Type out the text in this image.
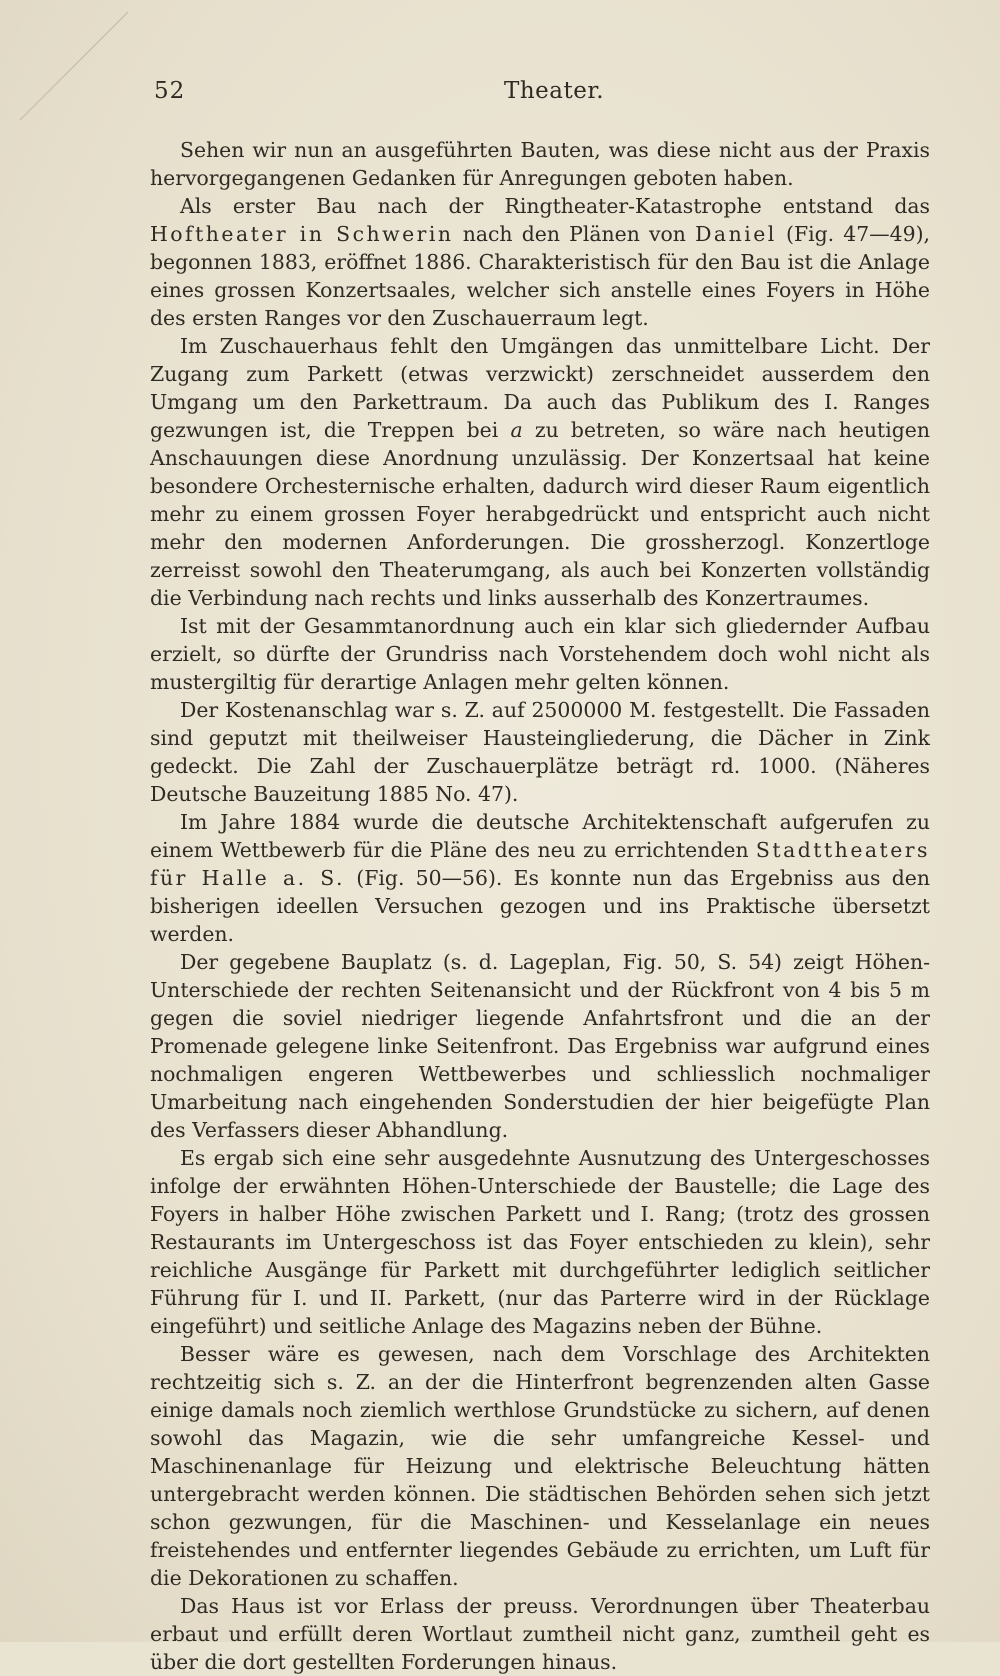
52	Theater.

Sehen wir nun an ausgeführten Bauten, was diese nicht aus der Praxis hervorgegangenen Gedanken für Anregungen geboten haben.

Als erster Bau nach der Ringtheater-Katastrophe entstand das Hoftheater in Schwerin nach den Plänen von Daniel (Fig. 47—49), begonnen 1883, eröffnet 1886. Charakteristisch für den Bau ist die Anlage eines grossen Konzertsaales, welcher sich anstelle eines Foyers in Höhe des ersten Ranges vor den Zuschauerraum legt.

Im Zuschauerhaus fehlt den Umgängen das unmittelbare Licht. Der Zugang zum Parkett (etwas verzwickt) zerschneidet ausserdem den Umgang um den Parkettraum. Da auch das Publikum des I. Ranges gezwungen ist, die Treppen bei a zu betreten, so wäre nach heutigen Anschauungen diese Anordnung unzulässig. Der Konzertsaal hat keine besondere Orchesternische erhalten, dadurch wird dieser Raum eigentlich mehr zu einem grossen Foyer herabgedrückt und entspricht auch nicht mehr den modernen Anforderungen. Die grossherzogl. Konzertloge zerreisst sowohl den Theaterumgang, als auch bei Konzerten vollständig die Verbindung nach rechts und links ausserhalb des Konzertraumes.

Ist mit der Gesammtanordnung auch ein klar sich gliedernder Aufbau erzielt, so dürfte der Grundriss nach Vorstehendem doch wohl nicht als mustergiltig für derartige Anlagen mehr gelten können.

Der Kostenanschlag war s. Z. auf 2500000 M. festgestellt. Die Fassaden sind geputzt mit theilweiser Hausteingliederung, die Dächer in Zink gedeckt. Die Zahl der Zuschauerplätze beträgt rd. 1000. (Näheres Deutsche Bauzeitung 1885 No. 47).

Im Jahre 1884 wurde die deutsche Architektenschaft aufgerufen zu einem Wettbewerb für die Pläne des neu zu errichtenden Stadttheaters für Halle a. S. (Fig. 50—56). Es konnte nun das Ergebniss aus den bisherigen ideellen Versuchen gezogen und ins Praktische übersetzt werden.

Der gegebene Bauplatz (s. d. Lageplan, Fig. 50, S. 54) zeigt Höhen-Unterschiede der rechten Seitenansicht und der Rückfront von 4 bis 5 m gegen die soviel niedriger liegende Anfahrtsfront und die an der Promenade gelegene linke Seitenfront. Das Ergebniss war aufgrund eines nochmaligen engeren Wettbewerbes und schliesslich nochmaliger Umarbeitung nach eingehenden Sonderstudien der hier beigefügte Plan des Verfassers dieser Abhandlung.

Es ergab sich eine sehr ausgedehnte Ausnutzung des Untergeschosses infolge der erwähnten Höhen-Unterschiede der Baustelle; die Lage des Foyers in halber Höhe zwischen Parkett und I. Rang; (trotz des grossen Restaurants im Untergeschoss ist das Foyer entschieden zu klein), sehr reichliche Ausgänge für Parkett mit durchgeführter lediglich seitlicher Führung für I. und II. Parkett, (nur das Parterre wird in der Rücklage eingeführt) und seitliche Anlage des Magazins neben der Bühne.

Besser wäre es gewesen, nach dem Vorschlage des Architekten rechtzeitig sich s. Z. an der die Hinterfront begrenzenden alten Gasse einige damals noch ziemlich werthlose Grundstücke zu sichern, auf denen sowohl das Magazin, wie die sehr umfangreiche Kessel- und Maschinenanlage für Heizung und elektrische Beleuchtung hätten untergebracht werden können. Die städtischen Behörden sehen sich jetzt schon gezwungen, für die Maschinen- und Kesselanlage ein neues freistehendes und entfernter liegendes Gebäude zu errichten, um Luft für die Dekorationen zu schaffen.

Das Haus ist vor Erlass der preuss. Verordnungen über Theaterbau erbaut und erfüllt deren Wortlaut zumtheil nicht ganz, zumtheil geht es über die dort gestellten Forderungen hinaus.
